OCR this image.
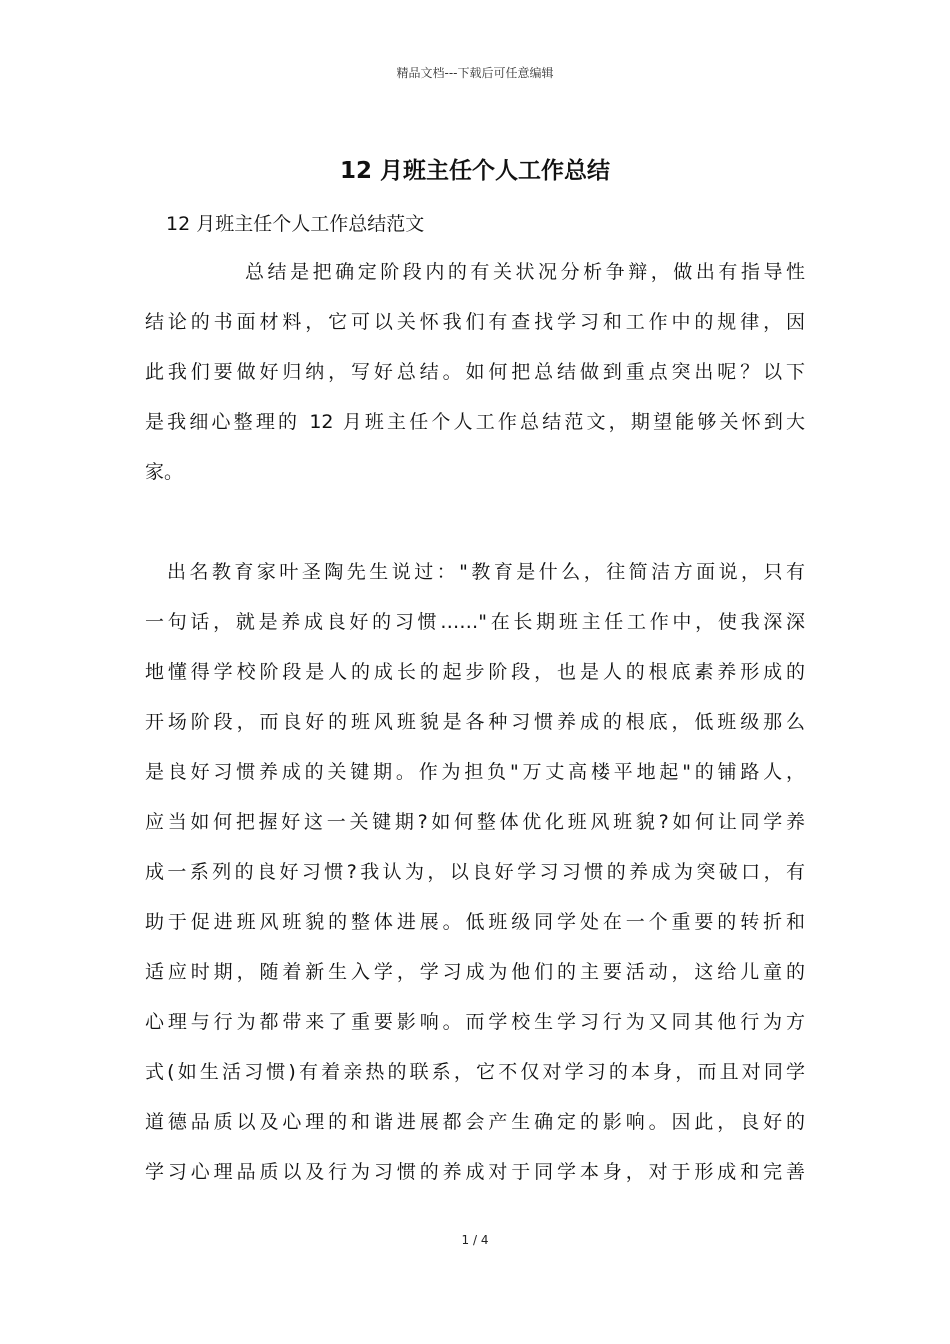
精品文档---下载后可任意编辑
12 月班主任个人工作总结
12 月班主任个人工作总结范文
总结是把确定阶段内的有关状况分析争辩，做出有指导性
结论的书面材料，它可以关怀我们有查找学习和工作中的规律，因
此我们要做好归纳，写好总结。如何把总结做到重点突出呢？以下
是我细心整理的 12 月班主任个人工作总结范文，期望能够关怀到大
家。
出名教育家叶圣陶先生说过："教育是什么，往简洁方面说，只有
一句话，就是养成良好的习惯……"在长期班主任工作中，使我深深
地懂得学校阶段是人的成长的起步阶段，也是人的根底素养形成的
开场阶段，而良好的班风班貌是各种习惯养成的根底，低班级那么
是良好习惯养成的关键期。作为担负"万丈高楼平地起"的铺路人，
应当如何把握好这一关键期?如何整体优化班风班貌?如何让同学养
成一系列的良好习惯?我认为，以良好学习习惯的养成为突破口，有
助于促进班风班貌的整体进展。低班级同学处在一个重要的转折和
适应时期，随着新生入学，学习成为他们的主要活动，这给儿童的
心理与行为都带来了重要影响。而学校生学习行为又同其他行为方
式(如生活习惯)有着亲热的联系，它不仅对学习的本身，而且对同学
道德品质以及心理的和谐进展都会产生确定的影响。因此，良好的
学习心理品质以及行为习惯的养成对于同学本身，对于形成和完善
1 / 4
